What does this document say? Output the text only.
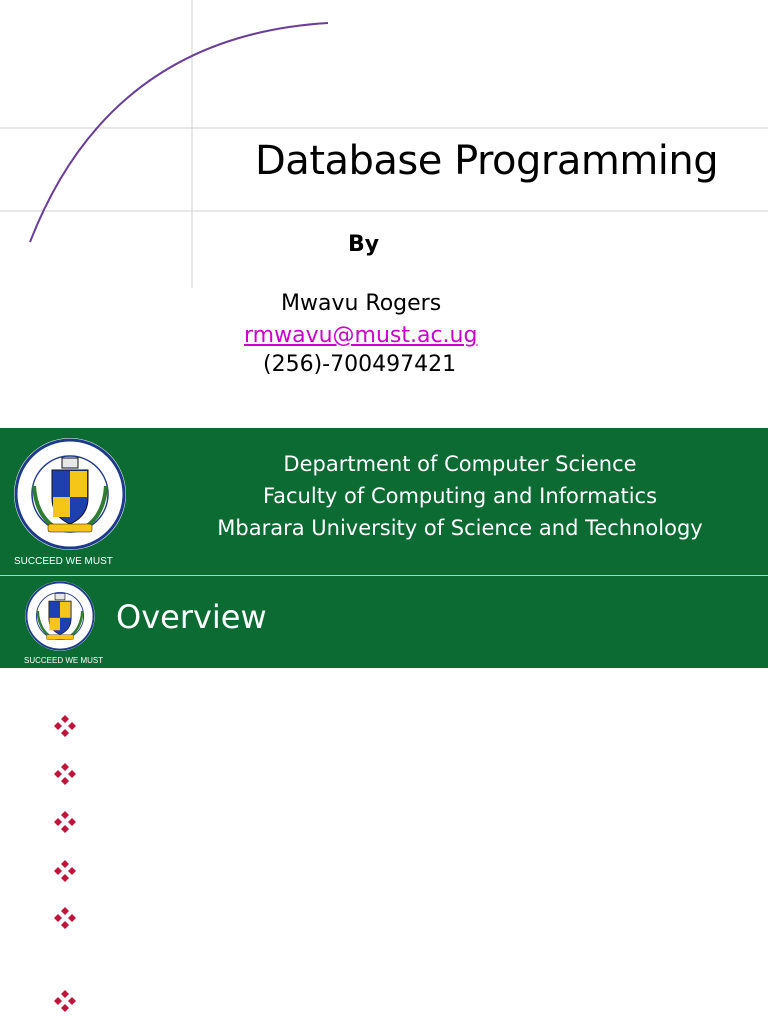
Database Programming
By
Mwavu Rogers
rmwavu@must.ac.ug
(256)-700497421
SUCCEED WE MUST
Department of Computer Science
Faculty of Computing and Informatics
Mbarara University of Science and Technology
SUCCEED WE MUST
Overview
